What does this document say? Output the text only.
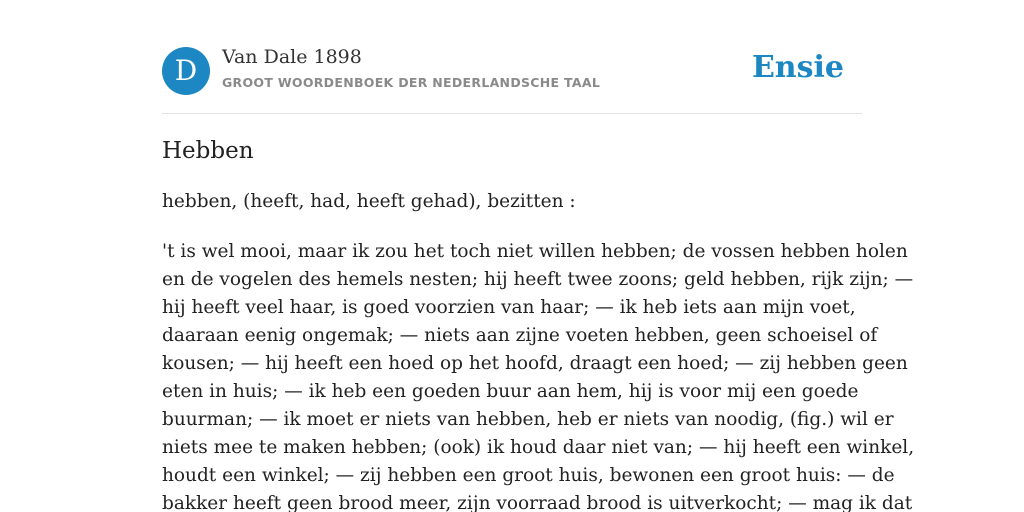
D	Van Dale 1898
GROOT WOORDENBOEK DER NEDERLANDSCHE TAAL	Ensie
Hebben
hebben, (heeft, had, heeft gehad), bezitten :
't is wel mooi, maar ik zou het toch niet willen hebben; de vossen hebben holen
en de vogelen des hemels nesten; hij heeft twee zoons; geld hebben, rijk zijn; —
hij heeft veel haar, is goed voorzien van haar; — ik heb iets aan mijn voet,
daaraan eenig ongemak; — niets aan zijne voeten hebben, geen schoeisel of
kousen; — hij heeft een hoed op het hoofd, draagt een hoed; — zij hebben geen
eten in huis; — ik heb een goeden buur aan hem, hij is voor mij een goede
buurman; — ik moet er niets van hebben, heb er niets van noodig, (fig.) wil er
niets mee te maken hebben; (ook) ik houd daar niet van; — hij heeft een winkel,
houdt een winkel; — zij hebben een groot huis, bewonen een groot huis: — de
bakker heeft geen brood meer, zijn voorraad brood is uitverkocht; — mag ik dat
